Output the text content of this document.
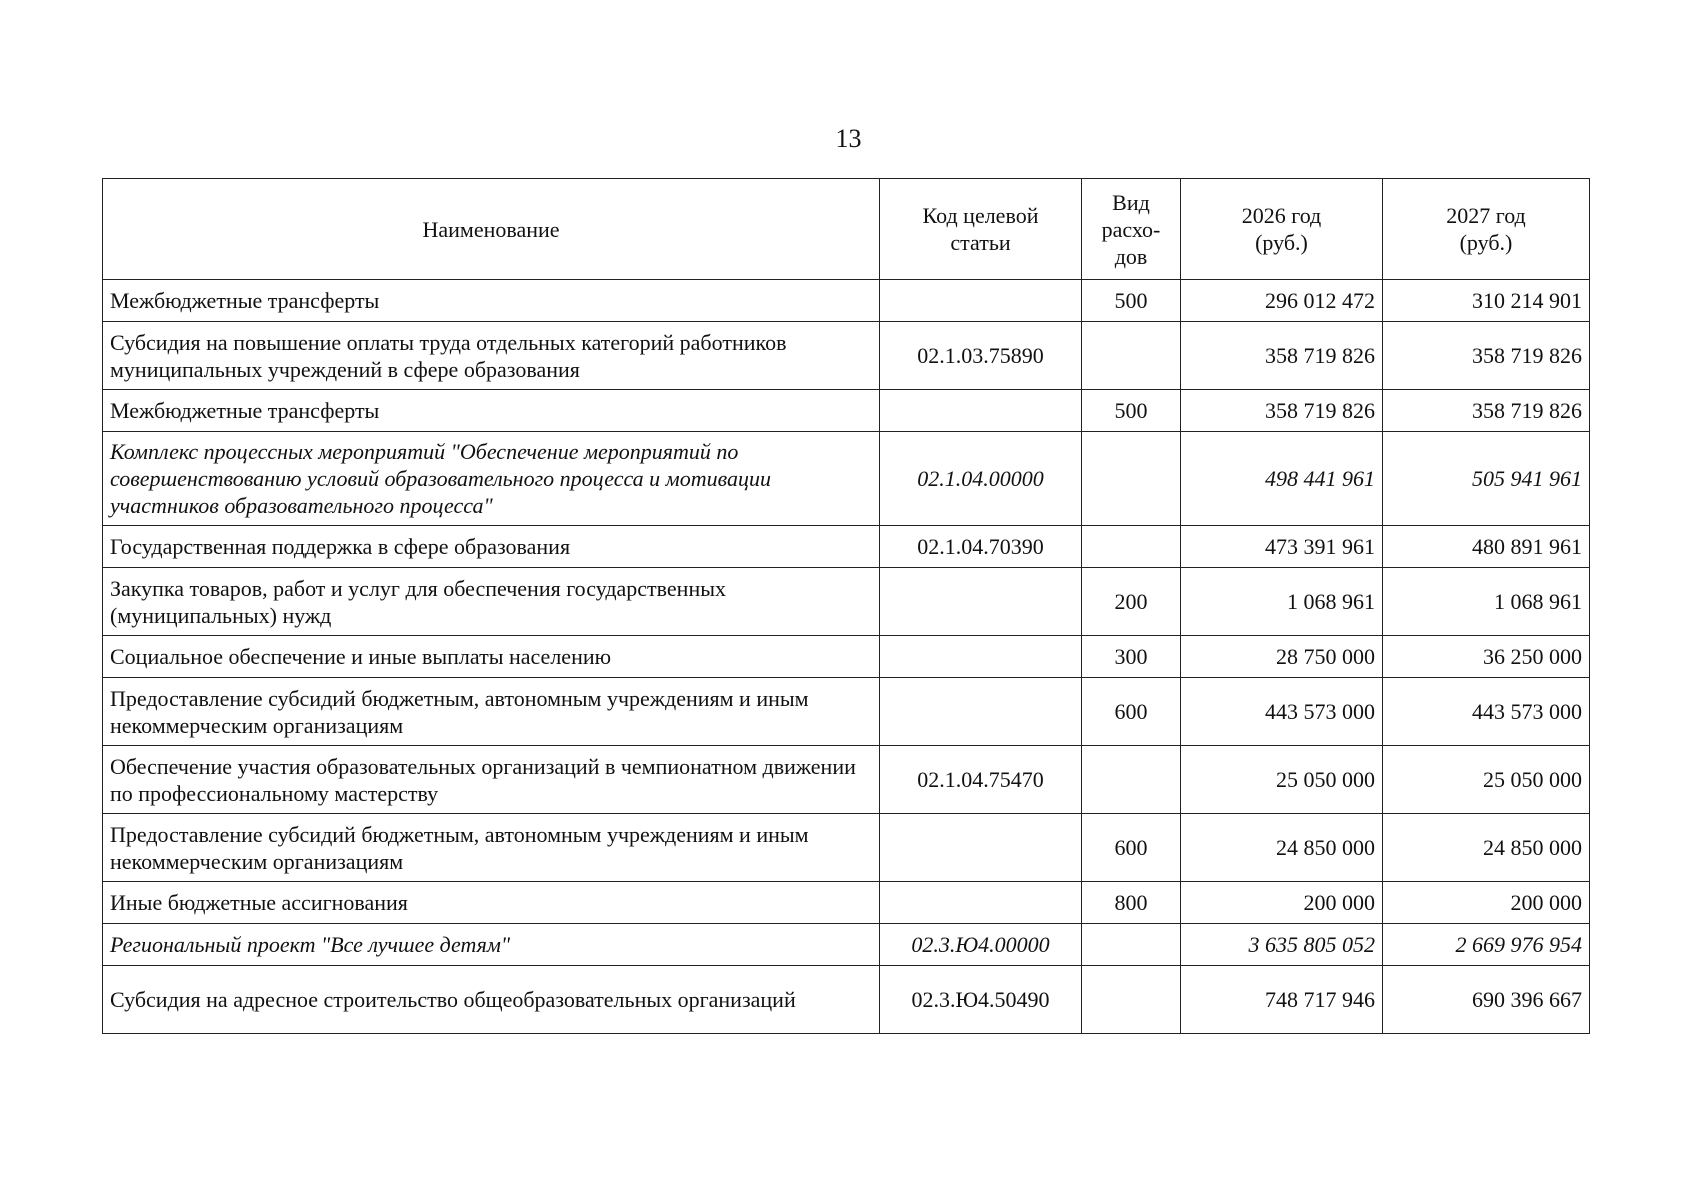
13
Наименование	Код целевой статьи	Вид расхо-дов	2026 год (руб.)	2027 год (руб.)
Межбюджетные трансферты		500	296 012 472	310 214 901
Субсидия на повышение оплаты труда отдельных категорий работников муниципальных учреждений в сфере образования	02.1.03.75890		358 719 826	358 719 826
Межбюджетные трансферты		500	358 719 826	358 719 826
Комплекс процессных мероприятий "Обеспечение мероприятий по совершенствованию условий образовательного процесса и мотивации участников образовательного процесса"	02.1.04.00000		498 441 961	505 941 961
Государственная поддержка в сфере образования	02.1.04.70390		473 391 961	480 891 961
Закупка товаров, работ и услуг для обеспечения государственных (муниципальных) нужд		200	1 068 961	1 068 961
Социальное обеспечение и иные выплаты населению		300	28 750 000	36 250 000
Предоставление субсидий бюджетным, автономным учреждениям и иным некоммерческим организациям		600	443 573 000	443 573 000
Обеспечение участия образовательных организаций в чемпионатном движении по профессиональному мастерству	02.1.04.75470		25 050 000	25 050 000
Предоставление субсидий бюджетным, автономным учреждениям и иным некоммерческим организациям		600	24 850 000	24 850 000
Иные бюджетные ассигнования		800	200 000	200 000
Региональный проект "Все лучшее детям"	02.3.Ю4.00000		3 635 805 052	2 669 976 954
Субсидия на адресное строительство общеобразовательных организаций	02.3.Ю4.50490		748 717 946	690 396 667
